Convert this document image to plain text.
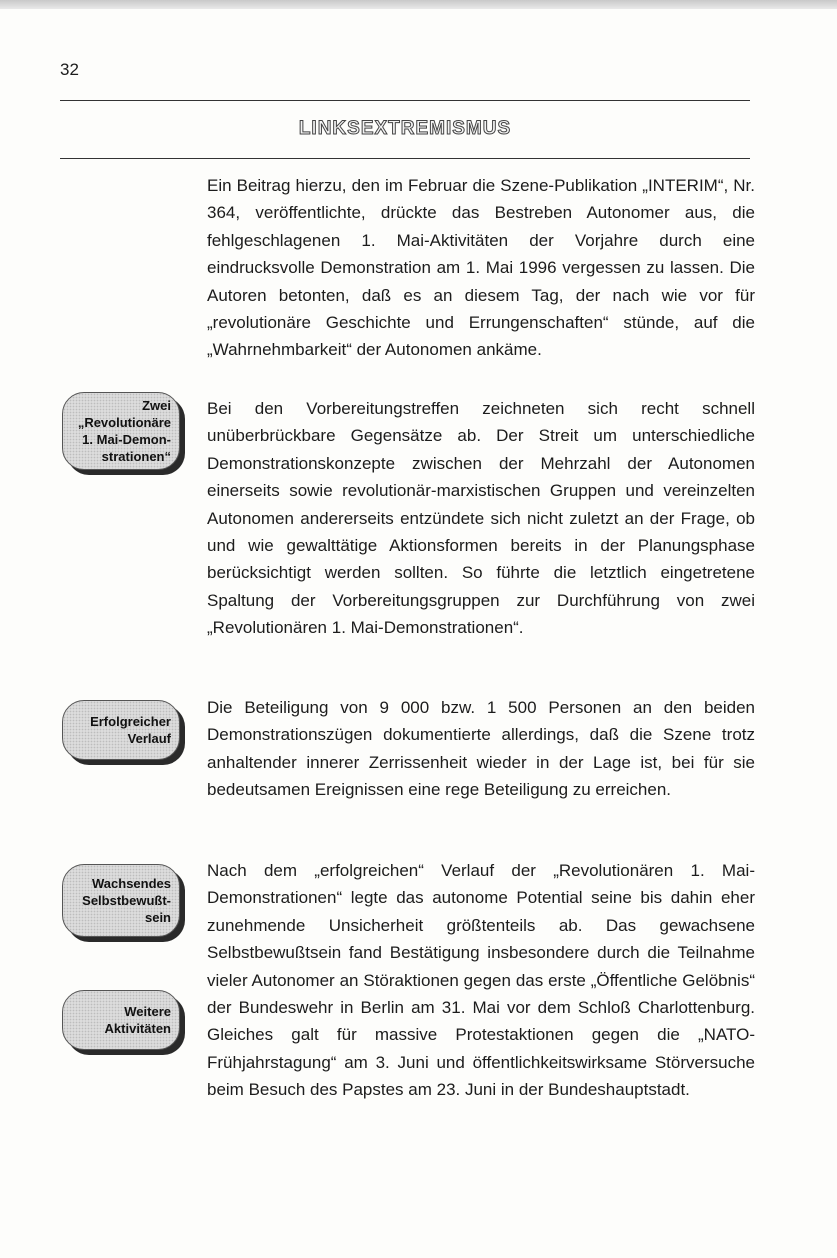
32
LINKSEXTREMISMUS
Zwei
„Revolutionäre
1. Mai-Demon-
strationen“
Erfolgreicher
Verlauf
Wachsendes
Selbstbewußt-
sein
Weitere
Aktivitäten

Ein Beitrag hierzu, den im Februar die Szene-Publikation „INTERIM“, Nr. 364, veröffentlichte, drückte das Bestreben Autonomer aus, die fehlgeschlagenen 1. Mai-Aktivitäten der Vorjahre durch eine eindrucksvolle Demonstration am 1. Mai 1996 vergessen zu lassen. Die Autoren betonten, daß es an diesem Tag, der nach wie vor für „revolutionäre Geschichte und Errungenschaften“ stünde, auf die „Wahrnehmbarkeit“ der Autonomen ankäme.

Bei den Vorbereitungstreffen zeichneten sich recht schnell unüberbrückbare Gegensätze ab. Der Streit um unterschiedliche Demonstrationskonzepte zwischen der Mehrzahl der Autonomen einerseits sowie revolutionär-marxistischen Gruppen und vereinzelten Autonomen andererseits entzündete sich nicht zuletzt an der Frage, ob und wie gewalttätige Aktionsformen bereits in der Planungsphase berücksichtigt werden sollten. So führte die letztlich eingetretene Spaltung der Vorbereitungsgruppen zur Durchführung von zwei „Revolutionären 1. Mai-Demonstrationen“.

Die Beteiligung von 9 000 bzw. 1 500 Personen an den beiden Demonstrationszügen dokumentierte allerdings, daß die Szene trotz anhaltender innerer Zerrissenheit wieder in der Lage ist, bei für sie bedeutsamen Ereignissen eine rege Beteiligung zu erreichen.

Nach dem „erfolgreichen“ Verlauf der „Revolutionären 1. Mai-Demonstrationen“ legte das autonome Potential seine bis dahin eher zunehmende Unsicherheit größtenteils ab. Das gewachsene Selbstbewußtsein fand Bestätigung insbesondere durch die Teilnahme vieler Autonomer an Störaktionen gegen das erste „Öffentliche Gelöbnis“ der Bundeswehr in Berlin am 31. Mai vor dem Schloß Charlottenburg. Gleiches galt für massive Protestaktionen gegen die „NATO-Frühjahrstagung“ am 3. Juni und öffentlichkeitswirksame Störversuche beim Besuch des Papstes am 23. Juni in der Bundeshauptstadt.
